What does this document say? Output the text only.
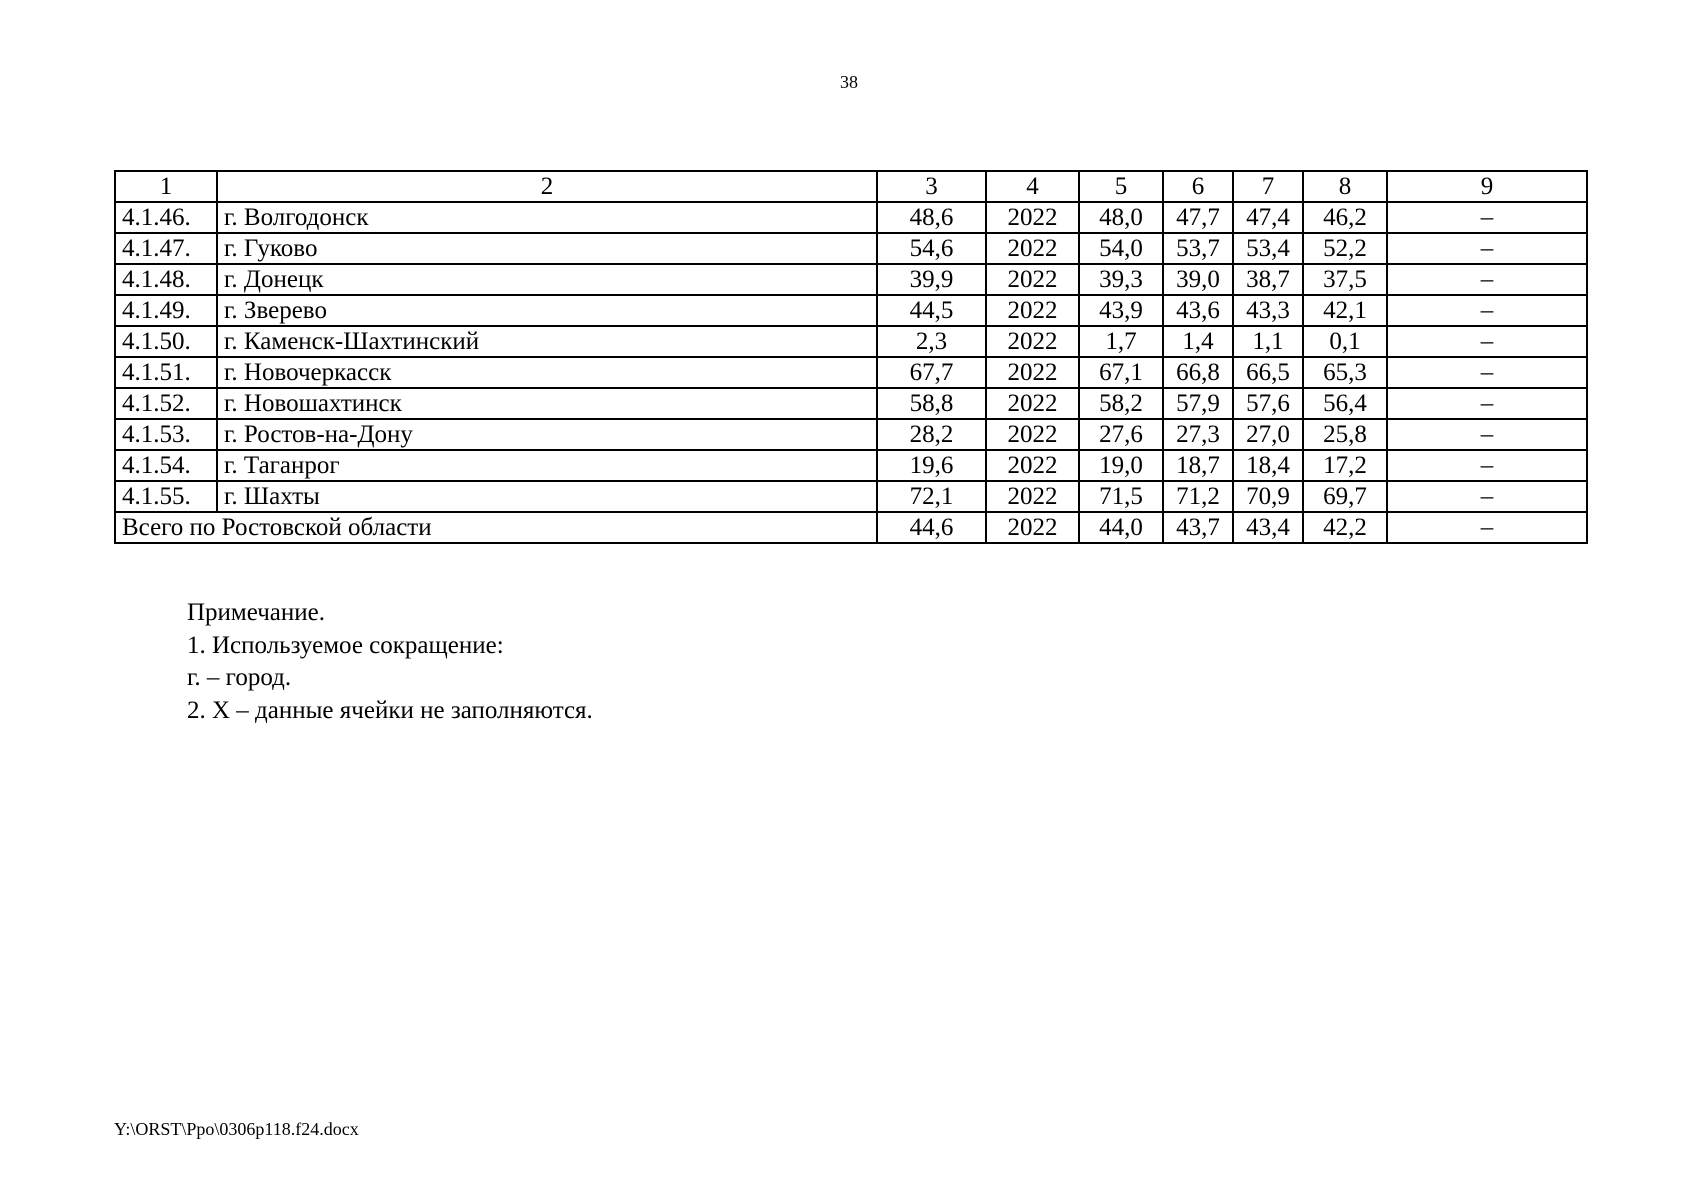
38
1	2	3	4	5	6	7	8	9
4.1.46.	г. Волгодонск	48,6	2022	48,0	47,7	47,4	46,2	–
4.1.47.	г. Гуково	54,6	2022	54,0	53,7	53,4	52,2	–
4.1.48.	г. Донецк	39,9	2022	39,3	39,0	38,7	37,5	–
4.1.49.	г. Зверево	44,5	2022	43,9	43,6	43,3	42,1	–
4.1.50.	г. Каменск-Шахтинский	2,3	2022	1,7	1,4	1,1	0,1	–
4.1.51.	г. Новочеркасск	67,7	2022	67,1	66,8	66,5	65,3	–
4.1.52.	г. Новошахтинск	58,8	2022	58,2	57,9	57,6	56,4	–
4.1.53.	г. Ростов-на-Дону	28,2	2022	27,6	27,3	27,0	25,8	–
4.1.54.	г. Таганрог	19,6	2022	19,0	18,7	18,4	17,2	–
4.1.55.	г. Шахты	72,1	2022	71,5	71,2	70,9	69,7	–
Всего по Ростовской области		44,6	2022	44,0	43,7	43,4	42,2	–
Примечание.
1. Используемое сокращение:
г. – город.
2. Х – данные ячейки не заполняются.
Y:\ORST\Ppo\0306p118.f24.docx
